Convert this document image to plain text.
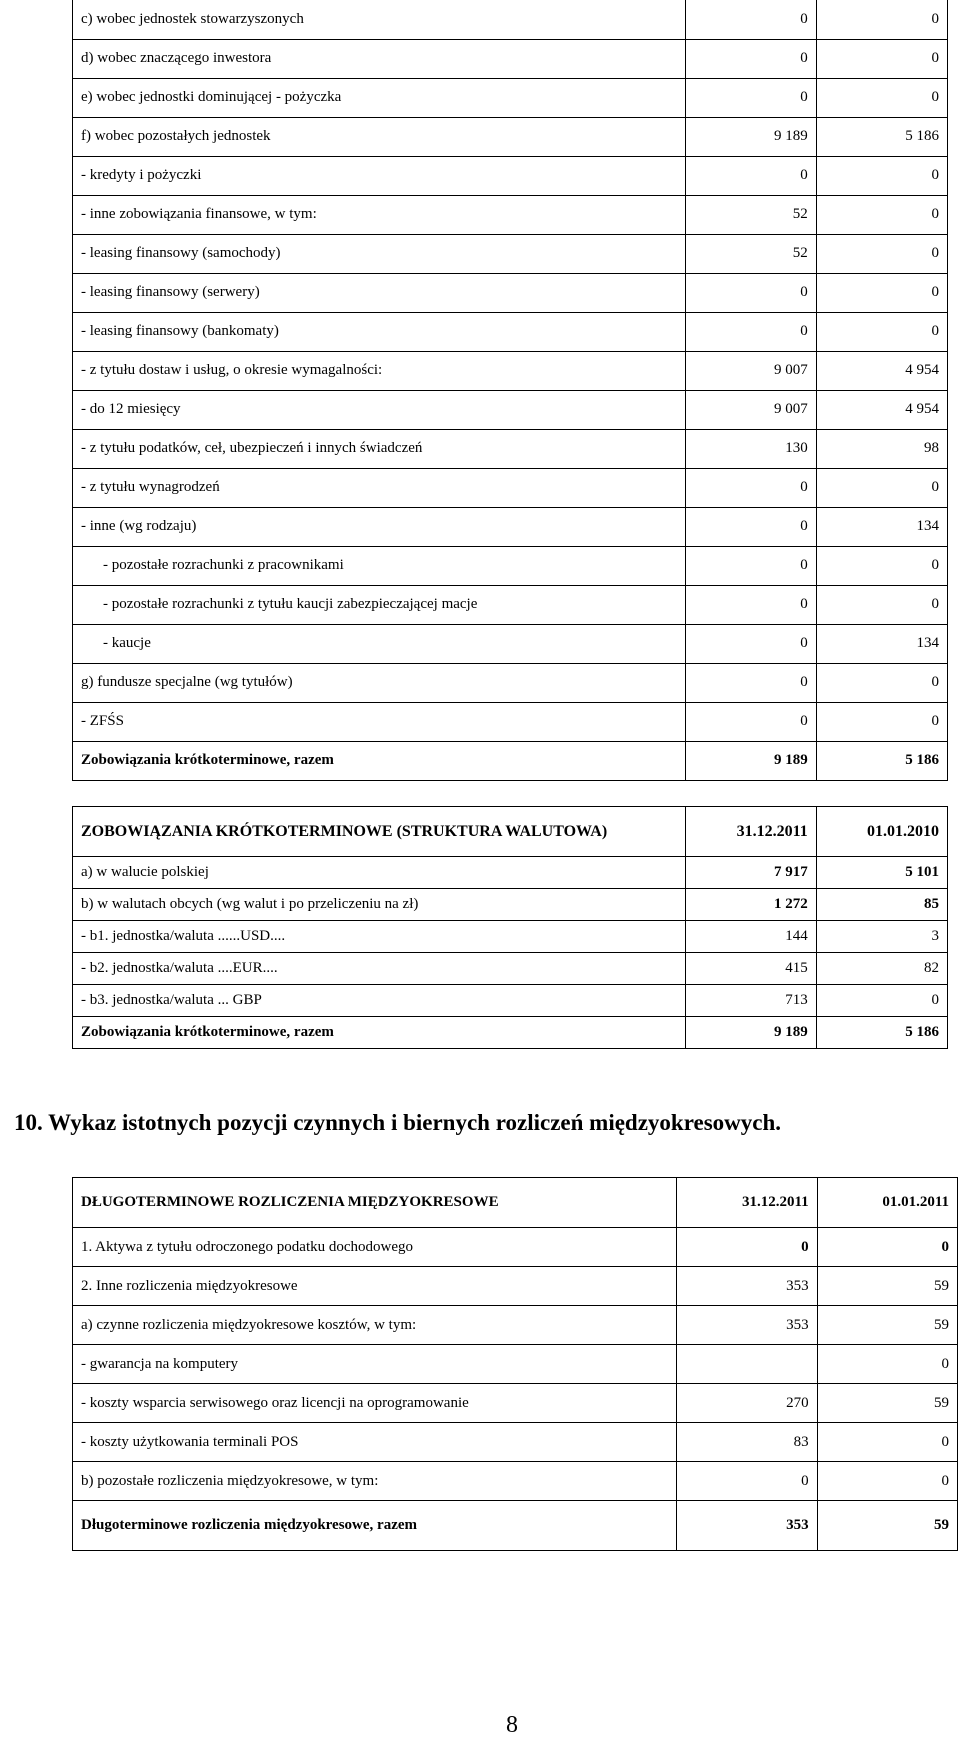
c) wobec jednostek stowarzyszonych	0	0
d) wobec znaczącego inwestora	0	0
e) wobec jednostki dominującej - pożyczka	0	0
f) wobec pozostałych jednostek	9 189	5 186
- kredyty i pożyczki	0	0
- inne zobowiązania finansowe, w tym:	52	0
- leasing finansowy (samochody)	52	0
- leasing finansowy (serwery)	0	0
- leasing finansowy (bankomaty)	0	0
- z tytułu dostaw i usług, o okresie wymagalności:	9 007	4 954
- do 12 miesięcy	9 007	4 954
- z tytułu podatków, ceł, ubezpieczeń i innych świadczeń	130	98
- z tytułu wynagrodzeń	0	0
- inne (wg rodzaju)	0	134
- pozostałe rozrachunki z pracownikami	0	0
- pozostałe rozrachunki z tytułu kaucji zabezpieczającej macje	0	0
- kaucje	0	134
g) fundusze specjalne (wg tytułów)	0	0
- ZFŚS	0	0
Zobowiązania krótkoterminowe, razem	9 189	5 186
ZOBOWIĄZANIA KRÓTKOTERMINOWE (STRUKTURA WALUTOWA)	31.12.2011	01.01.2010
a) w walucie polskiej	7 917	5 101
b) w walutach obcych (wg walut i po przeliczeniu na zł)	1 272	85
- b1. jednostka/waluta ......USD....	144	3
- b2. jednostka/waluta ....EUR....	415	82
- b3. jednostka/waluta ... GBP	713	0
Zobowiązania krótkoterminowe, razem	9 189	5 186
10. Wykaz istotnych pozycji czynnych i biernych rozliczeń międzyokresowych.
DŁUGOTERMINOWE ROZLICZENIA MIĘDZYOKRESOWE	31.12.2011	01.01.2011
1. Aktywa z tytułu odroczonego podatku dochodowego	0	0
2. Inne rozliczenia międzyokresowe	353	59
a) czynne rozliczenia międzyokresowe kosztów, w tym:	353	59
- gwarancja na komputery		0
- koszty wsparcia serwisowego oraz licencji na oprogramowanie	270	59
- koszty użytkowania terminali POS	83	0
b) pozostałe rozliczenia międzyokresowe, w tym:	0	0
Długoterminowe rozliczenia międzyokresowe, razem	353	59
8
